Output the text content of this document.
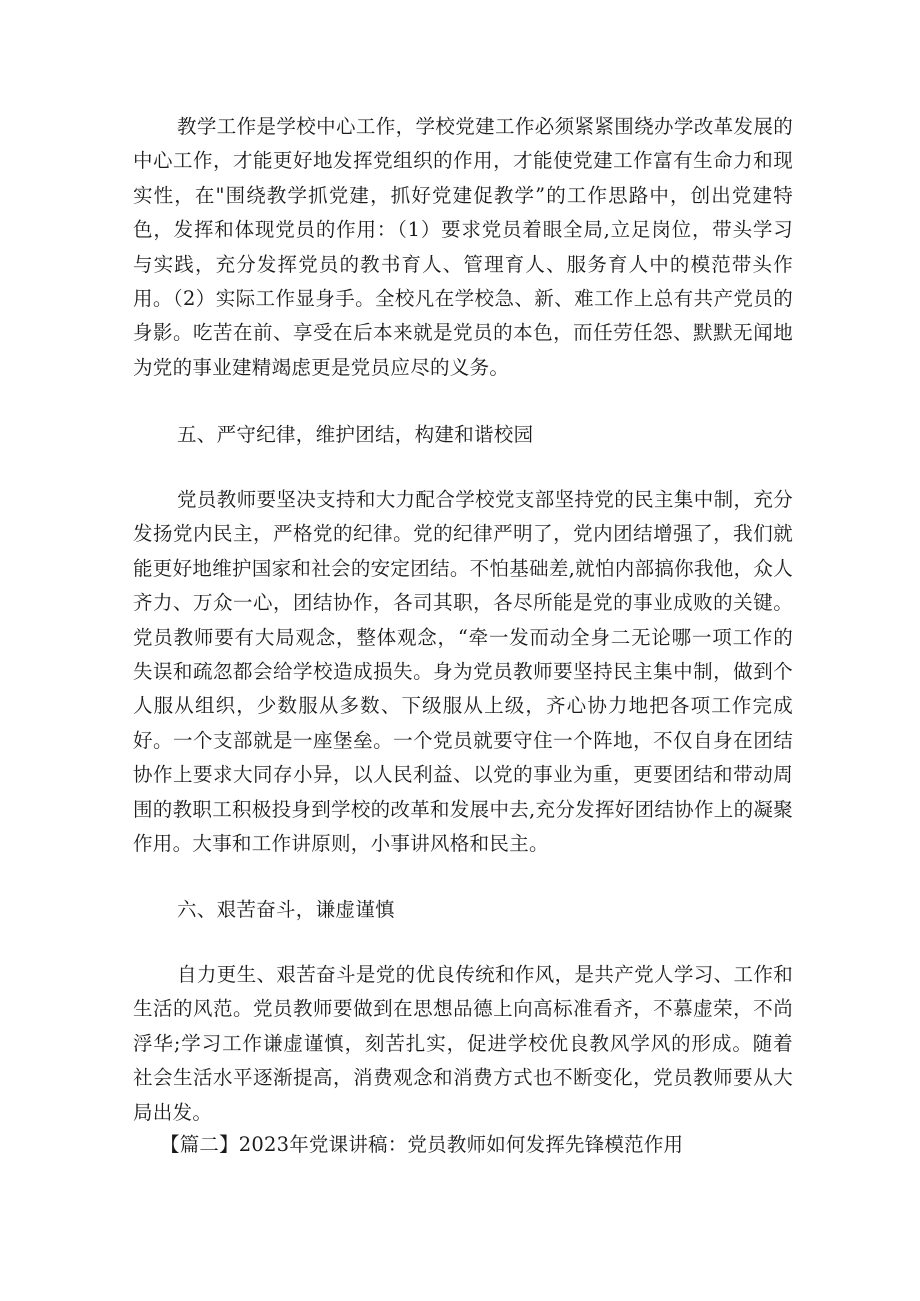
教学工作是学校中心工作，学校党建工作必须紧紧围绕办学改革发展的中心工作，才能更好地发挥党组织的作用，才能使党建工作富有生命力和现实性，在"围绕教学抓党建，抓好党建促教学”的工作思路中，创出党建特色，发挥和体现党员的作用：（1）要求党员着眼全局,立足岗位，带头学习与实践，充分发挥党员的教书育人、管理育人、服务育人中的模范带头作用。（2）实际工作显身手。全校凡在学校急、新、难工作上总有共产党员的身影。吃苦在前、享受在后本来就是党员的本色，而任劳任怨、默默无闻地为党的事业建精竭虑更是党员应尽的义务。

五、严守纪律，维护团结，构建和谐校园

党员教师要坚决支持和大力配合学校党支部坚持党的民主集中制，充分发扬党内民主，严格党的纪律。党的纪律严明了，党内团结增强了，我们就能更好地维护国家和社会的安定团结。不怕基础差,就怕内部搞你我他，众人齐力、万众一心，团结协作，各司其职，各尽所能是党的事业成败的关键。党员教师要有大局观念，整体观念，“牵一发而动全身二无论哪一项工作的失误和疏忽都会给学校造成损失。身为党员教师要坚持民主集中制，做到个人服从组织，少数服从多数、下级服从上级，齐心协力地把各项工作完成好。一个支部就是一座堡垒。一个党员就要守住一个阵地，不仅自身在团结协作上要求大同存小异，以人民利益、以党的事业为重，更要团结和带动周围的教职工积极投身到学校的改革和发展中去,充分发挥好团结协作上的凝聚作用。大事和工作讲原则，小事讲风格和民主。

六、艰苦奋斗，谦虚谨慎

自力更生、艰苦奋斗是党的优良传统和作风，是共产党人学习、工作和生活的风范。党员教师要做到在思想品德上向高标准看齐，不慕虚荣，不尚浮华;学习工作谦虚谨慎，刻苦扎实，促进学校优良教风学风的形成。随着社会生活水平逐渐提高，消费观念和消费方式也不断变化，党员教师要从大局出发。

【篇二】2023年党课讲稿：党员教师如何发挥先锋模范作用
